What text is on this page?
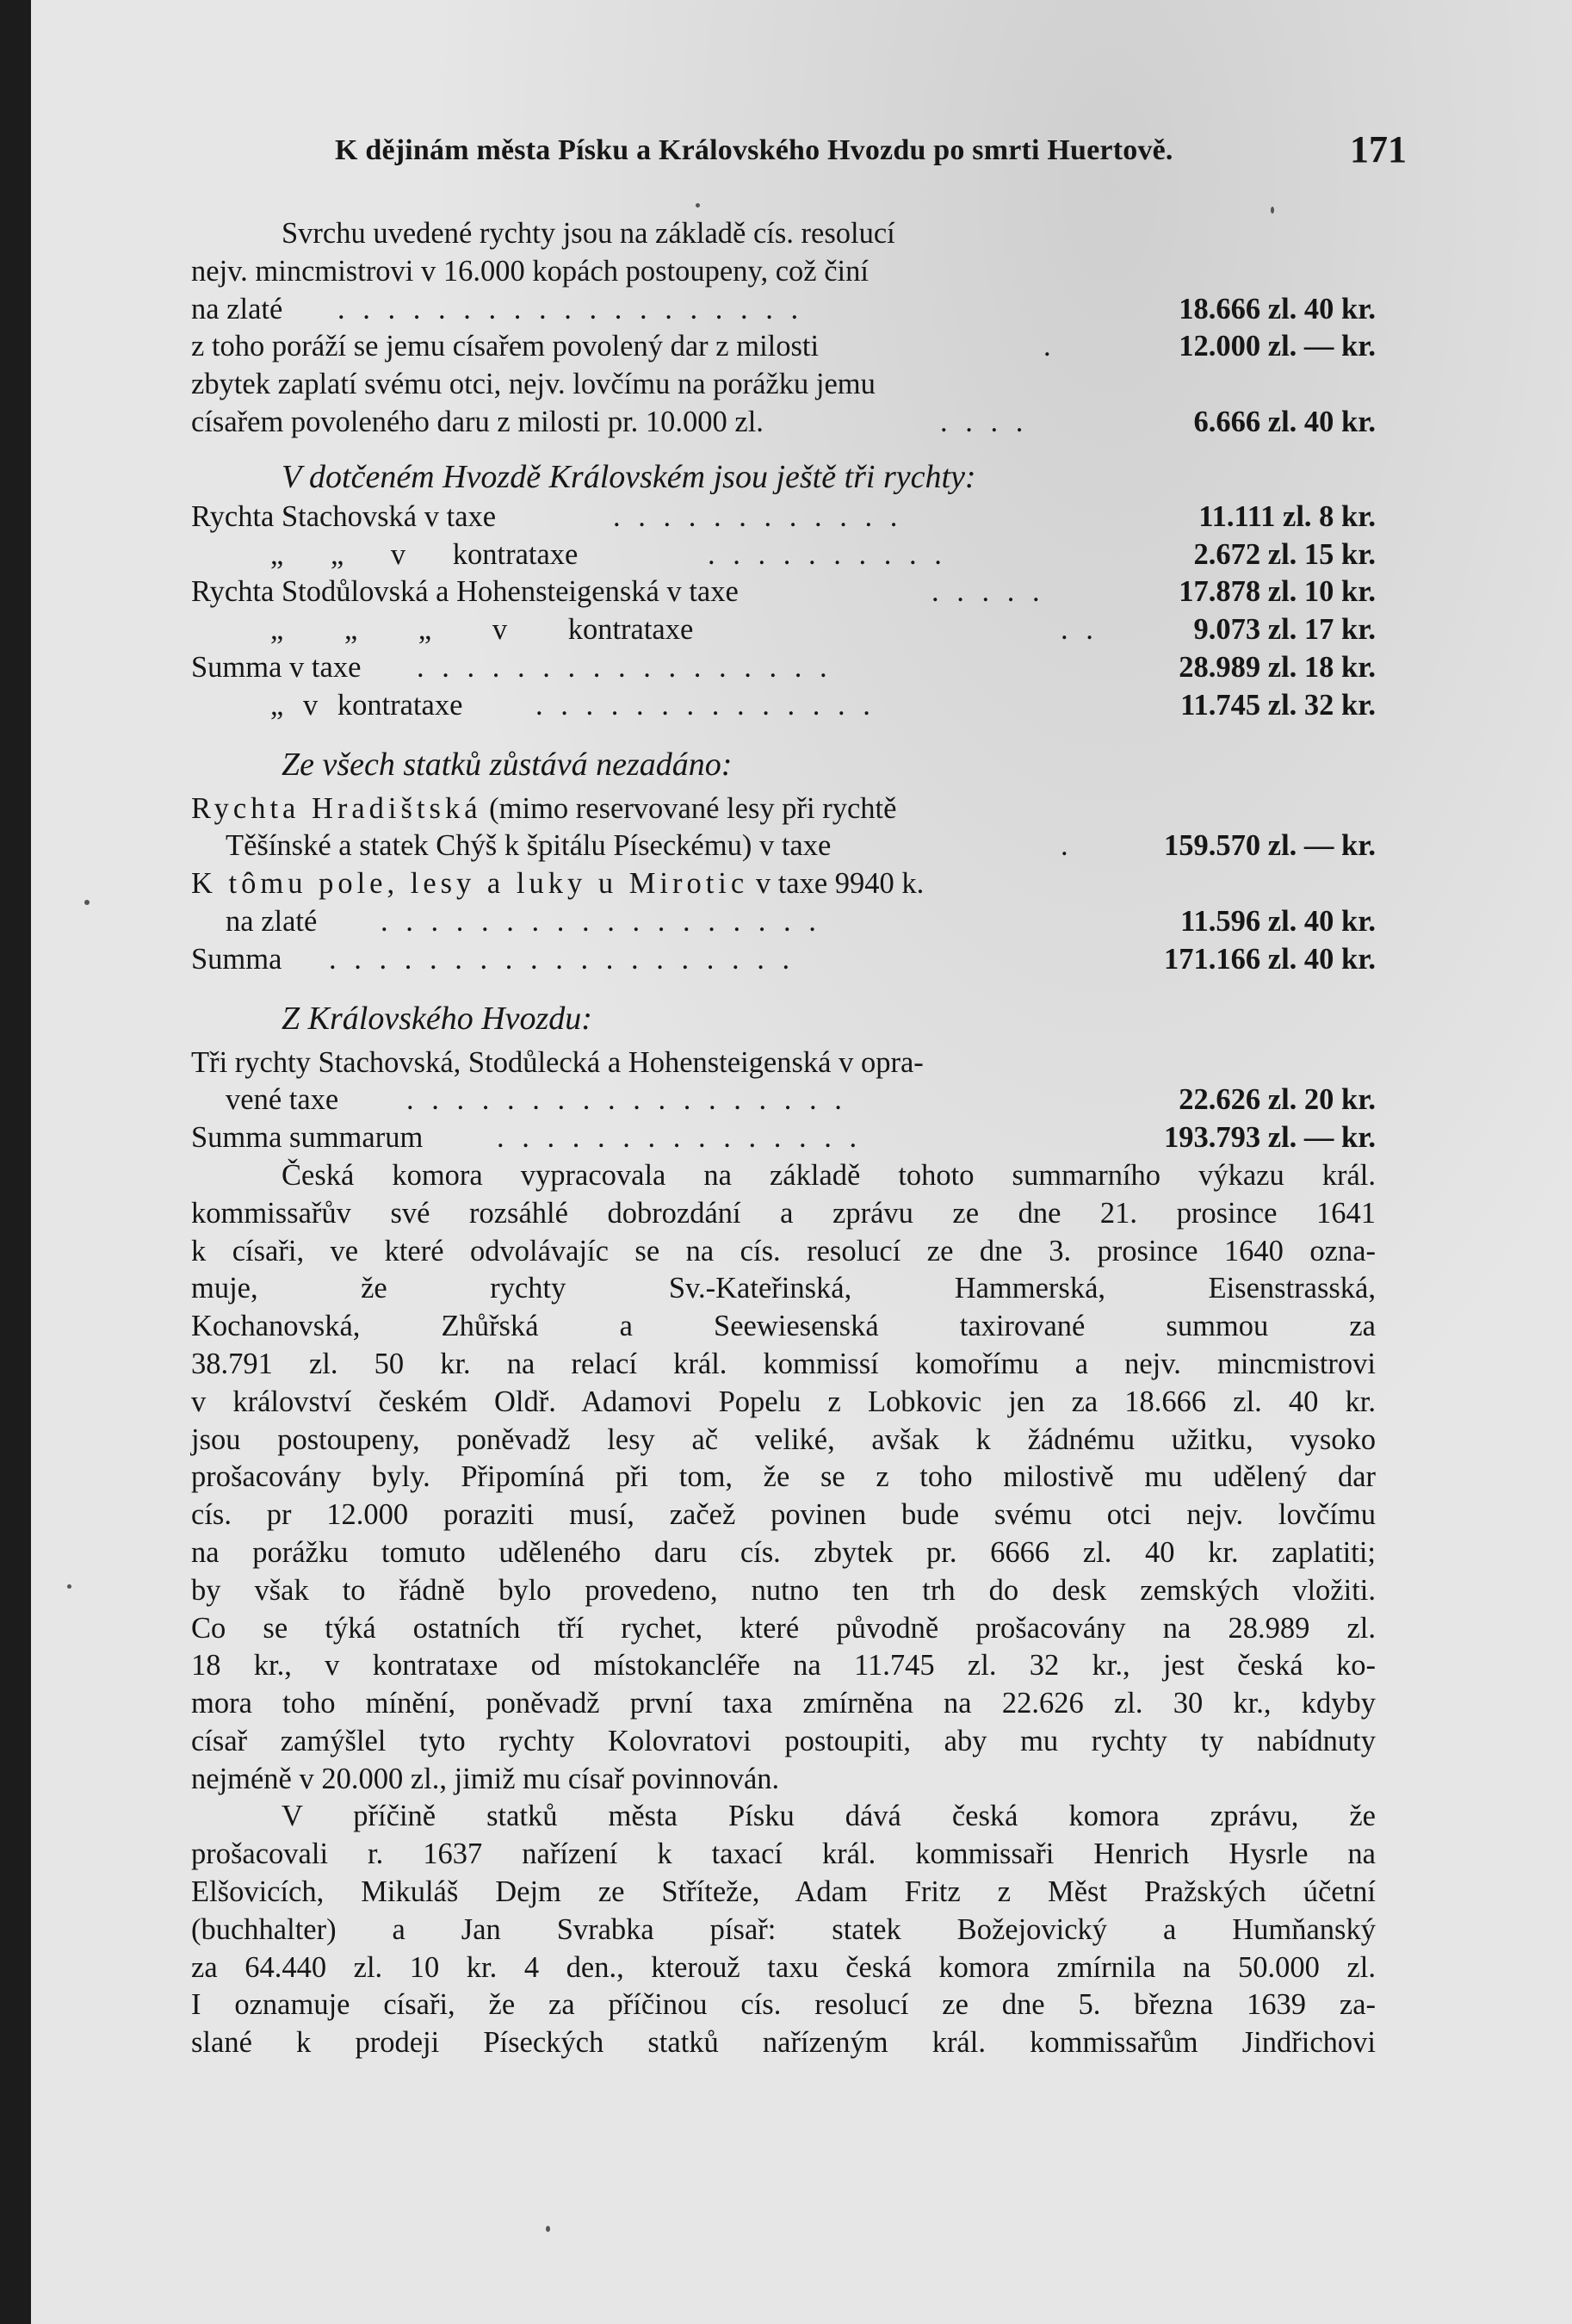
K dějinám města Písku a Královského Hvozdu po smrti Huertově.	171
Svrchu uvedené rychty jsou na základě cís. resolucí
nejv. mincmistrovi v 16.000 kopách postoupeny, což činí
na zlaté . . . . . . . . . . . . . . . . . . .	18.666 zl. 40 kr.
z toho poráží se jemu císařem povolený dar z milosti	.	12.000 zl. — kr.
zbytek zaplatí svému otci, nejv. lovčímu na porážku jemu
císařem povoleného daru z milosti pr. 10.000 zl.	. . . .	6.666 zl. 40 kr.
V dotčeném Hvozdě Královském jsou ještě tři rychty:
Rychta Stachovská v taxe	. . . . . . . . . . . .	11.111 zl. 8 kr.
„ „ v kontrataxe	. . . . . . . . . .	2.672 zl. 15 kr.
Rychta Stodůlovská a Hohensteigenská v taxe	. . . . .	17.878 zl. 10 kr.
„ „ „ v kontrataxe	. .	9.073 zl. 17 kr.
Summa v taxe . . . . . . . . . . . . . . . . .	28.989 zl. 18 kr.
„ v kontrataxe . . . . . . . . . . . . . .	11.745 zl. 32 kr.
Ze všech statků zůstává nezadáno:
Rychta Hradištská (mimo reservované lesy při rychtě
Těšínské a statek Chýš k špitálu Píseckému) v taxe	.	159.570 zl. — kr.
K tômu pole, lesy a luky u Mirotic v taxe 9940 k.
na zlaté . . . . . . . . . . . . . . . . . .	11.596 zl. 40 kr.
Summa . . . . . . . . . . . . . . . . . . .	171.166 zl. 40 kr.
Z Královského Hvozdu:
Tři rychty Stachovská, Stodůlecká a Hohensteigenská v opra-
vené taxe . . . . . . . . . . . . . . . . . .	22.626 zl. 20 kr.
Summa summarum . . . . . . . . . . . . . . .	193.793 zl. — kr.
Česká komora vypracovala na základě tohoto summarního výkazu král.
kommissařův své rozsáhlé dobrozdání a zprávu ze dne 21. prosince 1641
k císaři, ve které odvolávajíc se na cís. resolucí ze dne 3. prosince 1640 ozna-
muje, že rychty Sv.-Kateřinská, Hammerská, Eisenstrasská,
Kochanovská, Zhůřská a Seewiesenská taxirované summou za
38.791 zl. 50 kr. na relací král. kommissí komořímu a nejv. mincmistrovi
v království českém Oldř. Adamovi Popelu z Lobkovic jen za 18.666 zl. 40 kr.
jsou postoupeny, poněvadž lesy ač veliké, avšak k žádnému užitku, vysoko
prošacovány byly. Připomíná při tom, že se z toho milostivě mu udělený dar
cís. pr 12.000 poraziti musí, začež povinen bude svému otci nejv. lovčímu
na porážku tomuto uděleného daru cís. zbytek pr. 6666 zl. 40 kr. zaplatiti;
by však to řádně bylo provedeno, nutno ten trh do desk zemských vložiti.
Co se týká ostatních tří rychet, které původně prošacovány na 28.989 zl.
18 kr., v kontrataxe od místokancléře na 11.745 zl. 32 kr., jest česká ko-
mora toho mínění, poněvadž první taxa zmírněna na 22.626 zl. 30 kr., kdyby
císař zamýšlel tyto rychty Kolovratovi postoupiti, aby mu rychty ty nabídnuty
nejméně v 20.000 zl., jimiž mu císař povinnován.
V příčině statků města Písku dává česká komora zprávu, že
prošacovali r. 1637 nařízení k taxací král. kommissaři Henrich Hysrle na
Elšovicích, Mikuláš Dejm ze Stříteže, Adam Fritz z Měst Pražských účetní
(buchhalter) a Jan Svrabka písař: statek Božejovický a Humňanský
za 64.440 zl. 10 kr. 4 den., kterouž taxu česká komora zmírnila na 50.000 zl.
I oznamuje císaři, že za příčinou cís. resolucí ze dne 5. března 1639 za-
slané k prodeji Píseckých statků nařízeným král. kommissařům Jindřichovi
